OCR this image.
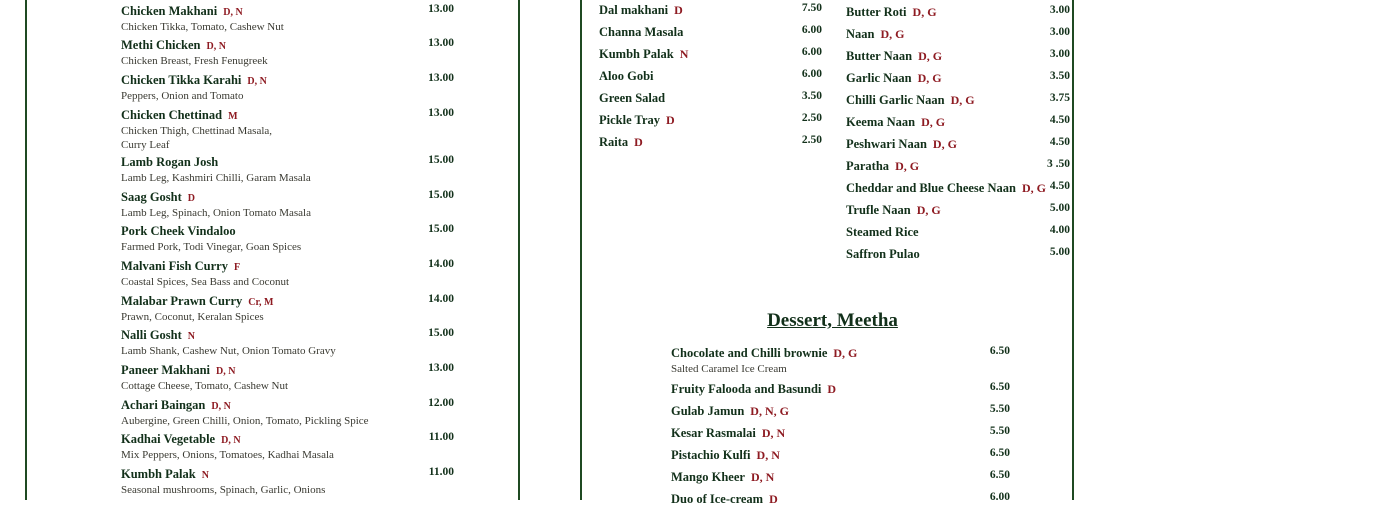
Chicken Makhani D, N
Chicken Tikka, Tomato, Cashew Nut
13.00
Methi Chicken D, N
Chicken Breast, Fresh Fenugreek
13.00
Chicken Tikka Karahi D, N
Peppers, Onion and Tomato
13.00
Chicken Chettinad M
Chicken Thigh, Chettinad Masala,
Curry Leaf
13.00
Lamb Rogan Josh
Lamb Leg, Kashmiri Chilli, Garam Masala
15.00
Saag Gosht D
Lamb Leg, Spinach, Onion Tomato Masala
15.00
Pork Cheek Vindaloo
Farmed Pork, Todi Vinegar, Goan Spices
15.00
Malvani Fish Curry F
Coastal Spices, Sea Bass and Coconut
14.00
Malabar Prawn Curry Cr, M
Prawn, Coconut, Keralan Spices
14.00
Nalli Gosht N
Lamb Shank, Cashew Nut, Onion Tomato Gravy
15.00
Paneer Makhani D, N
Cottage Cheese, Tomato, Cashew Nut
13.00
Achari Baingan D, N
Aubergine, Green Chilli, Onion, Tomato, Pickling Spice
12.00
Kadhai Vegetable D, N
Mix Peppers, Onions, Tomatoes, Kadhai Masala
11.00
Kumbh Palak N
Seasonal mushrooms, Spinach, Garlic, Onions
11.00
Dal makhani D	7.50
Channa Masala	6.00
Kumbh Palak N	6.00
Aloo Gobi	6.00
Green Salad	3.50
Pickle Tray D	2.50
Raita D	2.50
Butter Roti D, G	3.00
Naan D, G	3.00
Butter Naan D, G	3.00
Garlic Naan D, G	3.50
Chilli Garlic Naan D, G	3.75
Keema Naan D, G	4.50
Peshwari Naan D, G	4.50
Paratha D, G	3 .50
Cheddar and Blue Cheese Naan D, G 4.50
Trufle Naan D, G	5.00
Steamed Rice	4.00
Saffron Pulao	5.00
Chocolate and Chilli brownie D, G
Salted Caramel Ice Cream
6.50
Fruity Falooda and Basundi D	6.50
Gulab Jamun D, N, G	5.50
Kesar Rasmalai D, N	5.50
Pistachio Kulfi D, N	6.50
Mango Kheer D, N	6.50
Duo of Ice-cream D	6.00
Dessert, Meetha
